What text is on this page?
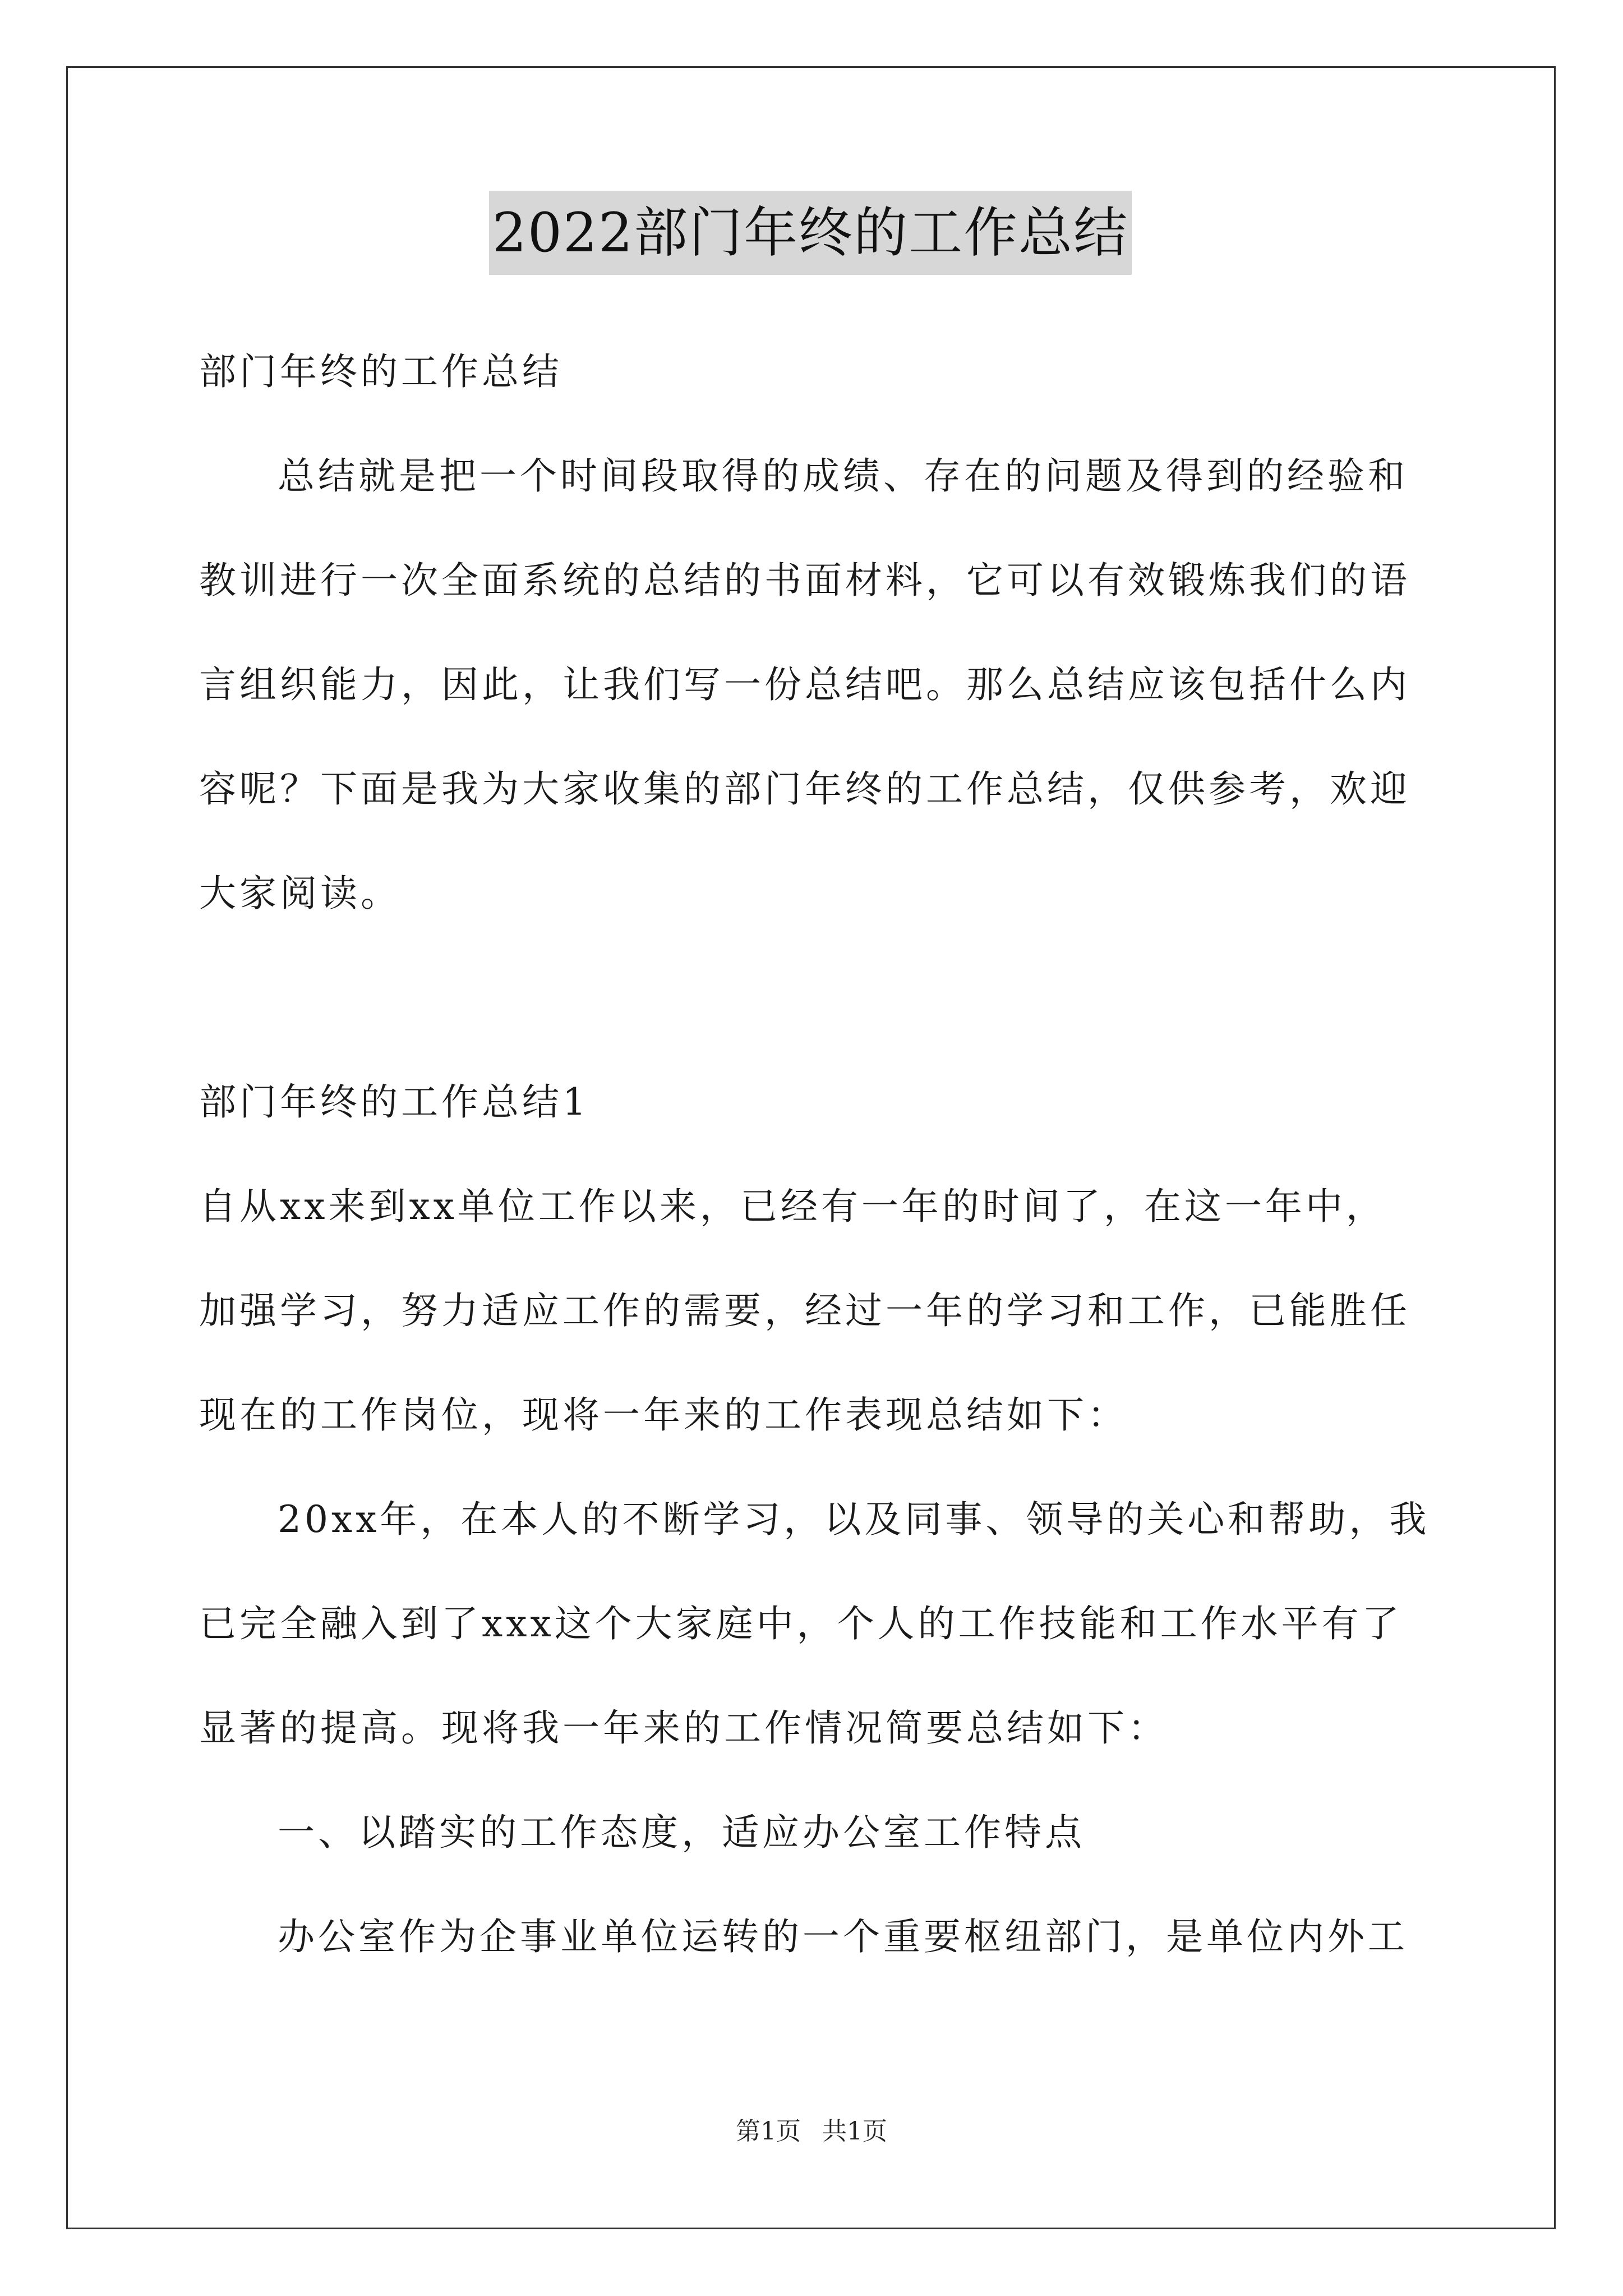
2022部门年终的工作总结

部门年终的工作总结

总结就是把一个时间段取得的成绩、存在的问题及得到的经验和

教训进行一次全面系统的总结的书面材料，它可以有效锻炼我们的语

言组织能力，因此，让我们写一份总结吧。那么总结应该包括什么内

容呢？下面是我为大家收集的部门年终的工作总结，仅供参考，欢迎

大家阅读。

部门年终的工作总结1

自从xx来到xx单位工作以来，已经有一年的时间了，在这一年中，

加强学习，努力适应工作的需要，经过一年的学习和工作，已能胜任

现在的工作岗位，现将一年来的工作表现总结如下：

20xx年，在本人的不断学习，以及同事、领导的关心和帮助，我

已完全融入到了xxx这个大家庭中，个人的工作技能和工作水平有了

显著的提高。现将我一年来的工作情况简要总结如下：

一、以踏实的工作态度，适应办公室工作特点

办公室作为企事业单位运转的一个重要枢纽部门，是单位内外工

第1页 共1页
